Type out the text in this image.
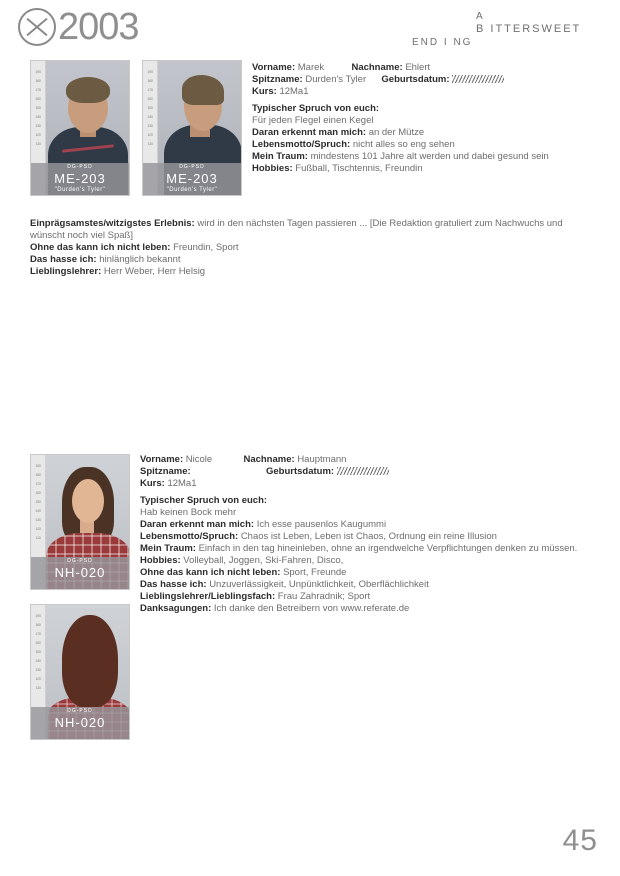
2003	A
B ITTERSWEET
END I NG
190
180
170
160
150
140
130
120
110
DG-PSD
ME-203
"Durden's Tyler"
190
180
170
160
150
140
130
120
110
DG-PSD
ME-203
"Durden's Tyler"
Vorname: Marek	Nachname: Ehlert
Spitzname: Durden's Tyler Geburtsdatum:
Kurs: 12Ma1
Typischer Spruch von euch:
Für jeden Flegel einen Kegel
Daran erkennt man mich: an der Mütze
Lebensmotto/Spruch: nicht alles so eng sehen
Mein Traum: mindestens 101 Jahre alt werden und dabei gesund sein
Hobbies: Fußball, Tischtennis, Freundin
Einprägsamstes/witzigstes Erlebnis: wird in den nächsten Tagen passieren ... [Die Redaktion gratuliert zum Nachwuchs und wünscht noch viel Spaß]
Ohne das kann ich nicht leben: Freundin, Sport
Das hasse ich: hinlänglich bekannt
Lieblingslehrer: Herr Weber, Herr Helsig
190
180
170
160
150
140
130
120
110
DG-PSD
NH-020
190
180
170
160
150
140
130
120
110
DG-PSD
NH-020
Vorname: Nicole	Nachname: Hauptmann
Spitzname:	Geburtsdatum:
Kurs: 12Ma1
Typischer Spruch von euch:
Hab keinen Bock mehr
Daran erkennt man mich: Ich esse pausenlos Kaugummi
Lebensmotto/Spruch: Chaos ist Leben, Leben ist Chaos, Ordnung ein reine Illusion
Mein Traum: Einfach in den tag hineinleben, ohne an irgendwelche Verpflichtungen denken zu müssen.
Hobbies: Volleyball, Joggen, Ski-Fahren, Disco,
Ohne das kann ich nicht leben: Sport, Freunde
Das hasse ich: Unzuverlässigkeit, Unpünktlichkeit, Oberflächlichkeit
Lieblingslehrer/Lieblingsfach: Frau Zahradnik; Sport
Danksagungen: Ich danke den Betreibern von www.referate.de
45
